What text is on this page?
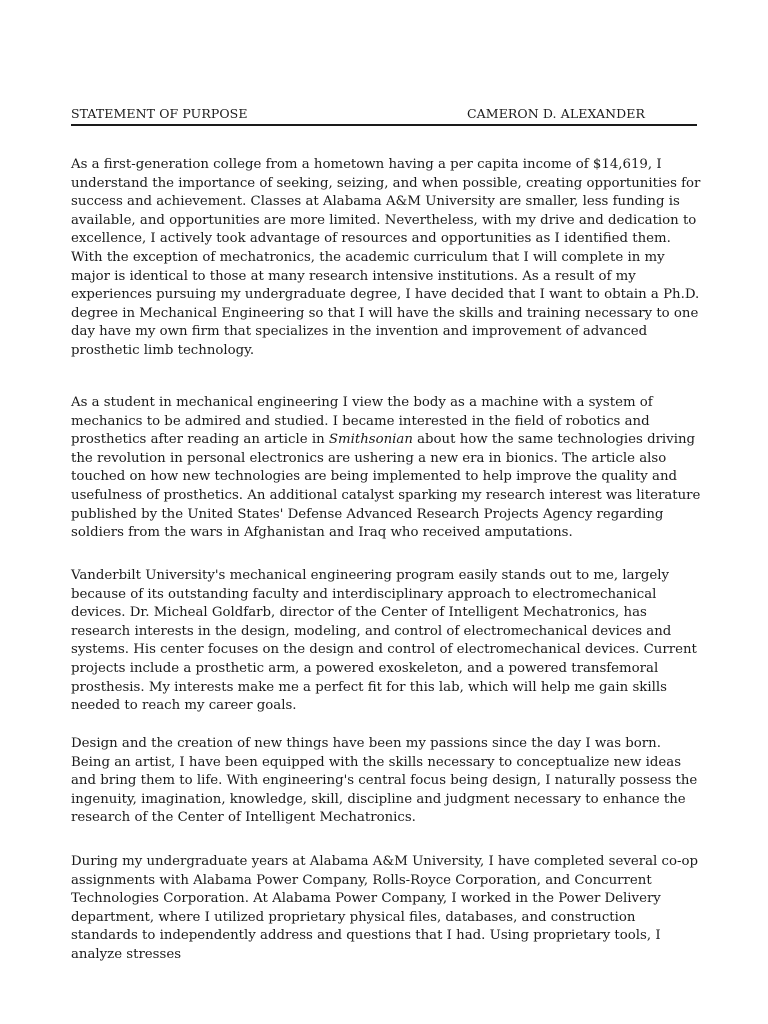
STATEMENT OF PURPOSE	CAMERON D. ALEXANDER

As a first-generation college from a hometown having a per capita income of $14,619, I understand the importance of seeking, seizing, and when possible, creating opportunities for success and achievement. Classes at Alabama A&M University are smaller, less funding is available, and opportunities are more limited. Nevertheless, with my drive and dedication to excellence, I actively took advantage of resources and opportunities as I identified them. With the exception of mechatronics, the academic curriculum that I will complete in my major is identical to those at many research intensive institutions. As a result of my experiences pursuing my undergraduate degree, I have decided that I want to obtain a Ph.D. degree in Mechanical Engineering so that I will have the skills and training necessary to one day have my own firm that specializes in the invention and improvement of advanced prosthetic limb technology.

As a student in mechanical engineering I view the body as a machine with a system of mechanics to be admired and studied. I became interested in the field of robotics and prosthetics after reading an article in Smithsonian about how the same technologies driving the revolution in personal electronics are ushering a new era in bionics. The article also touched on how new technologies are being implemented to help improve the quality and usefulness of prosthetics. An additional catalyst sparking my research interest was literature published by the United States' Defense Advanced Research Projects Agency regarding soldiers from the wars in Afghanistan and Iraq who received amputations.

Vanderbilt University's mechanical engineering program easily stands out to me, largely because of its outstanding faculty and interdisciplinary approach to electromechanical devices. Dr. Micheal Goldfarb, director of the Center of Intelligent Mechatronics, has research interests in the design, modeling, and control of electromechanical devices and systems. His center focuses on the design and control of electromechanical devices. Current projects include a prosthetic arm, a powered exoskeleton, and a powered transfemoral prosthesis. My interests make me a perfect fit for this lab, which will help me gain skills needed to reach my career goals.

Design and the creation of new things have been my passions since the day I was born. Being an artist, I have been equipped with the skills necessary to conceptualize new ideas and bring them to life. With engineering's central focus being design, I naturally possess the ingenuity, imagination, knowledge, skill, discipline and judgment necessary to enhance the research of the Center of Intelligent Mechatronics.

During my undergraduate years at Alabama A&M University, I have completed several co-op assignments with Alabama Power Company, Rolls-Royce Corporation, and Concurrent Technologies Corporation. At Alabama Power Company, I worked in the Power Delivery department, where I utilized proprietary physical files, databases, and construction standards to independently address and questions that I had. Using proprietary tools, I analyze stresses
